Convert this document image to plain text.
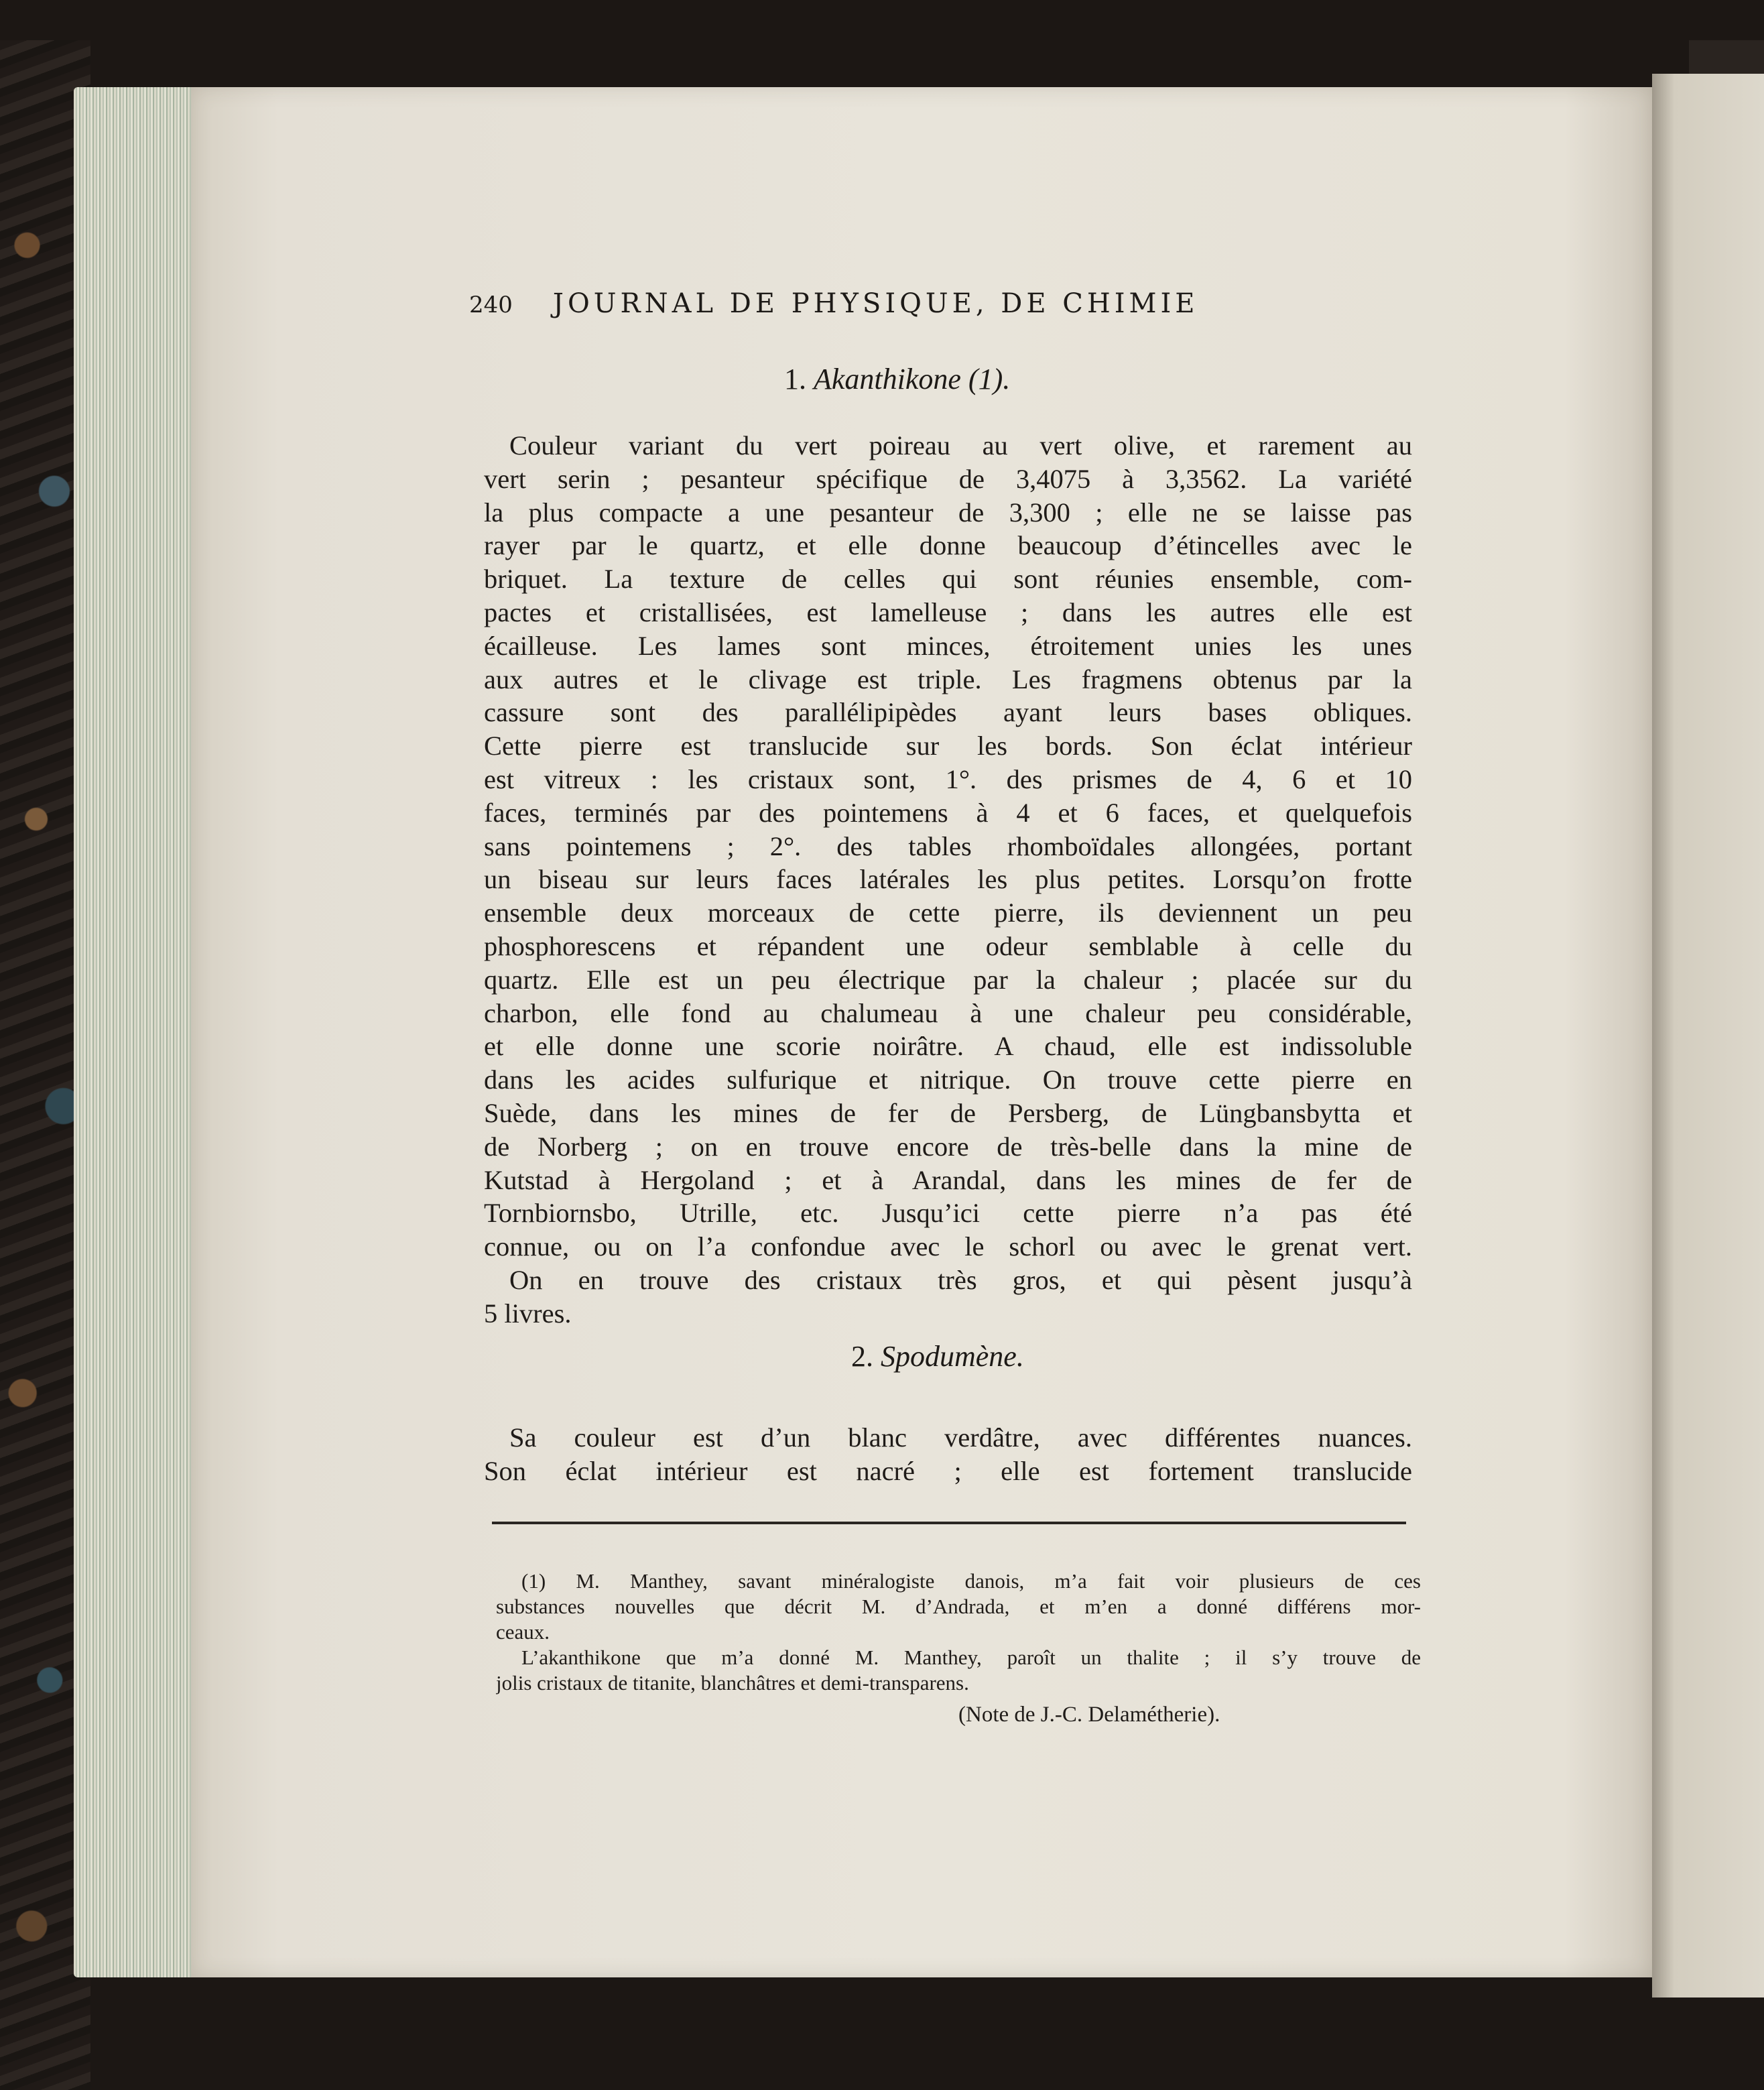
240 JOURNAL DE PHYSIQUE, DE CHIMIE
1. Akanthikone (1).
Couleur variant du vert poireau au vert olive, et rarement au
vert serin ; pesanteur spécifique de 3,4075 à 3,3562. La variété
la plus compacte a une pesanteur de 3,300 ; elle ne se laisse pas
rayer par le quartz, et elle donne beaucoup d’étincelles avec le
briquet. La texture de celles qui sont réunies ensemble, com-
pactes et cristallisées, est lamelleuse ; dans les autres elle est
écailleuse. Les lames sont minces, étroitement unies les unes
aux autres et le clivage est triple. Les fragmens obtenus par la
cassure sont des parallélipipèdes ayant leurs bases obliques.
Cette pierre est translucide sur les bords. Son éclat intérieur
est vitreux : les cristaux sont, 1°. des prismes de 4, 6 et 10
faces, terminés par des pointemens à 4 et 6 faces, et quelquefois
sans pointemens ; 2°. des tables rhomboïdales allongées, portant
un biseau sur leurs faces latérales les plus petites. Lorsqu’on frotte
ensemble deux morceaux de cette pierre, ils deviennent un peu
phosphorescens et répandent une odeur semblable à celle du
quartz. Elle est un peu électrique par la chaleur ; placée sur du
charbon, elle fond au chalumeau à une chaleur peu considérable,
et elle donne une scorie noirâtre. A chaud, elle est indissoluble
dans les acides sulfurique et nitrique. On trouve cette pierre en
Suède, dans les mines de fer de Persberg, de Lüngbansbytta et
de Norberg ; on en trouve encore de très-belle dans la mine de
Kutstad à Hergoland ; et à Arandal, dans les mines de fer de
Tornbiornsbo, Utrille, etc. Jusqu’ici cette pierre n’a pas été
connue, ou on l’a confondue avec le schorl ou avec le grenat vert.
On en trouve des cristaux très gros, et qui pèsent jusqu’à
5 livres.
2. Spodumène.
Sa couleur est d’un blanc verdâtre, avec différentes nuances.
Son éclat intérieur est nacré ; elle est fortement translucide
(1) M. Manthey, savant minéralogiste danois, m’a fait voir plusieurs de ces
substances nouvelles que décrit M. d’Andrada, et m’en a donné différens mor-
ceaux.
L’akanthikone que m’a donné M. Manthey, paroît un thalite ; il s’y trouve de
jolis cristaux de titanite, blanchâtres et demi-transparens.
(Note de J.-C. Delamétherie).
